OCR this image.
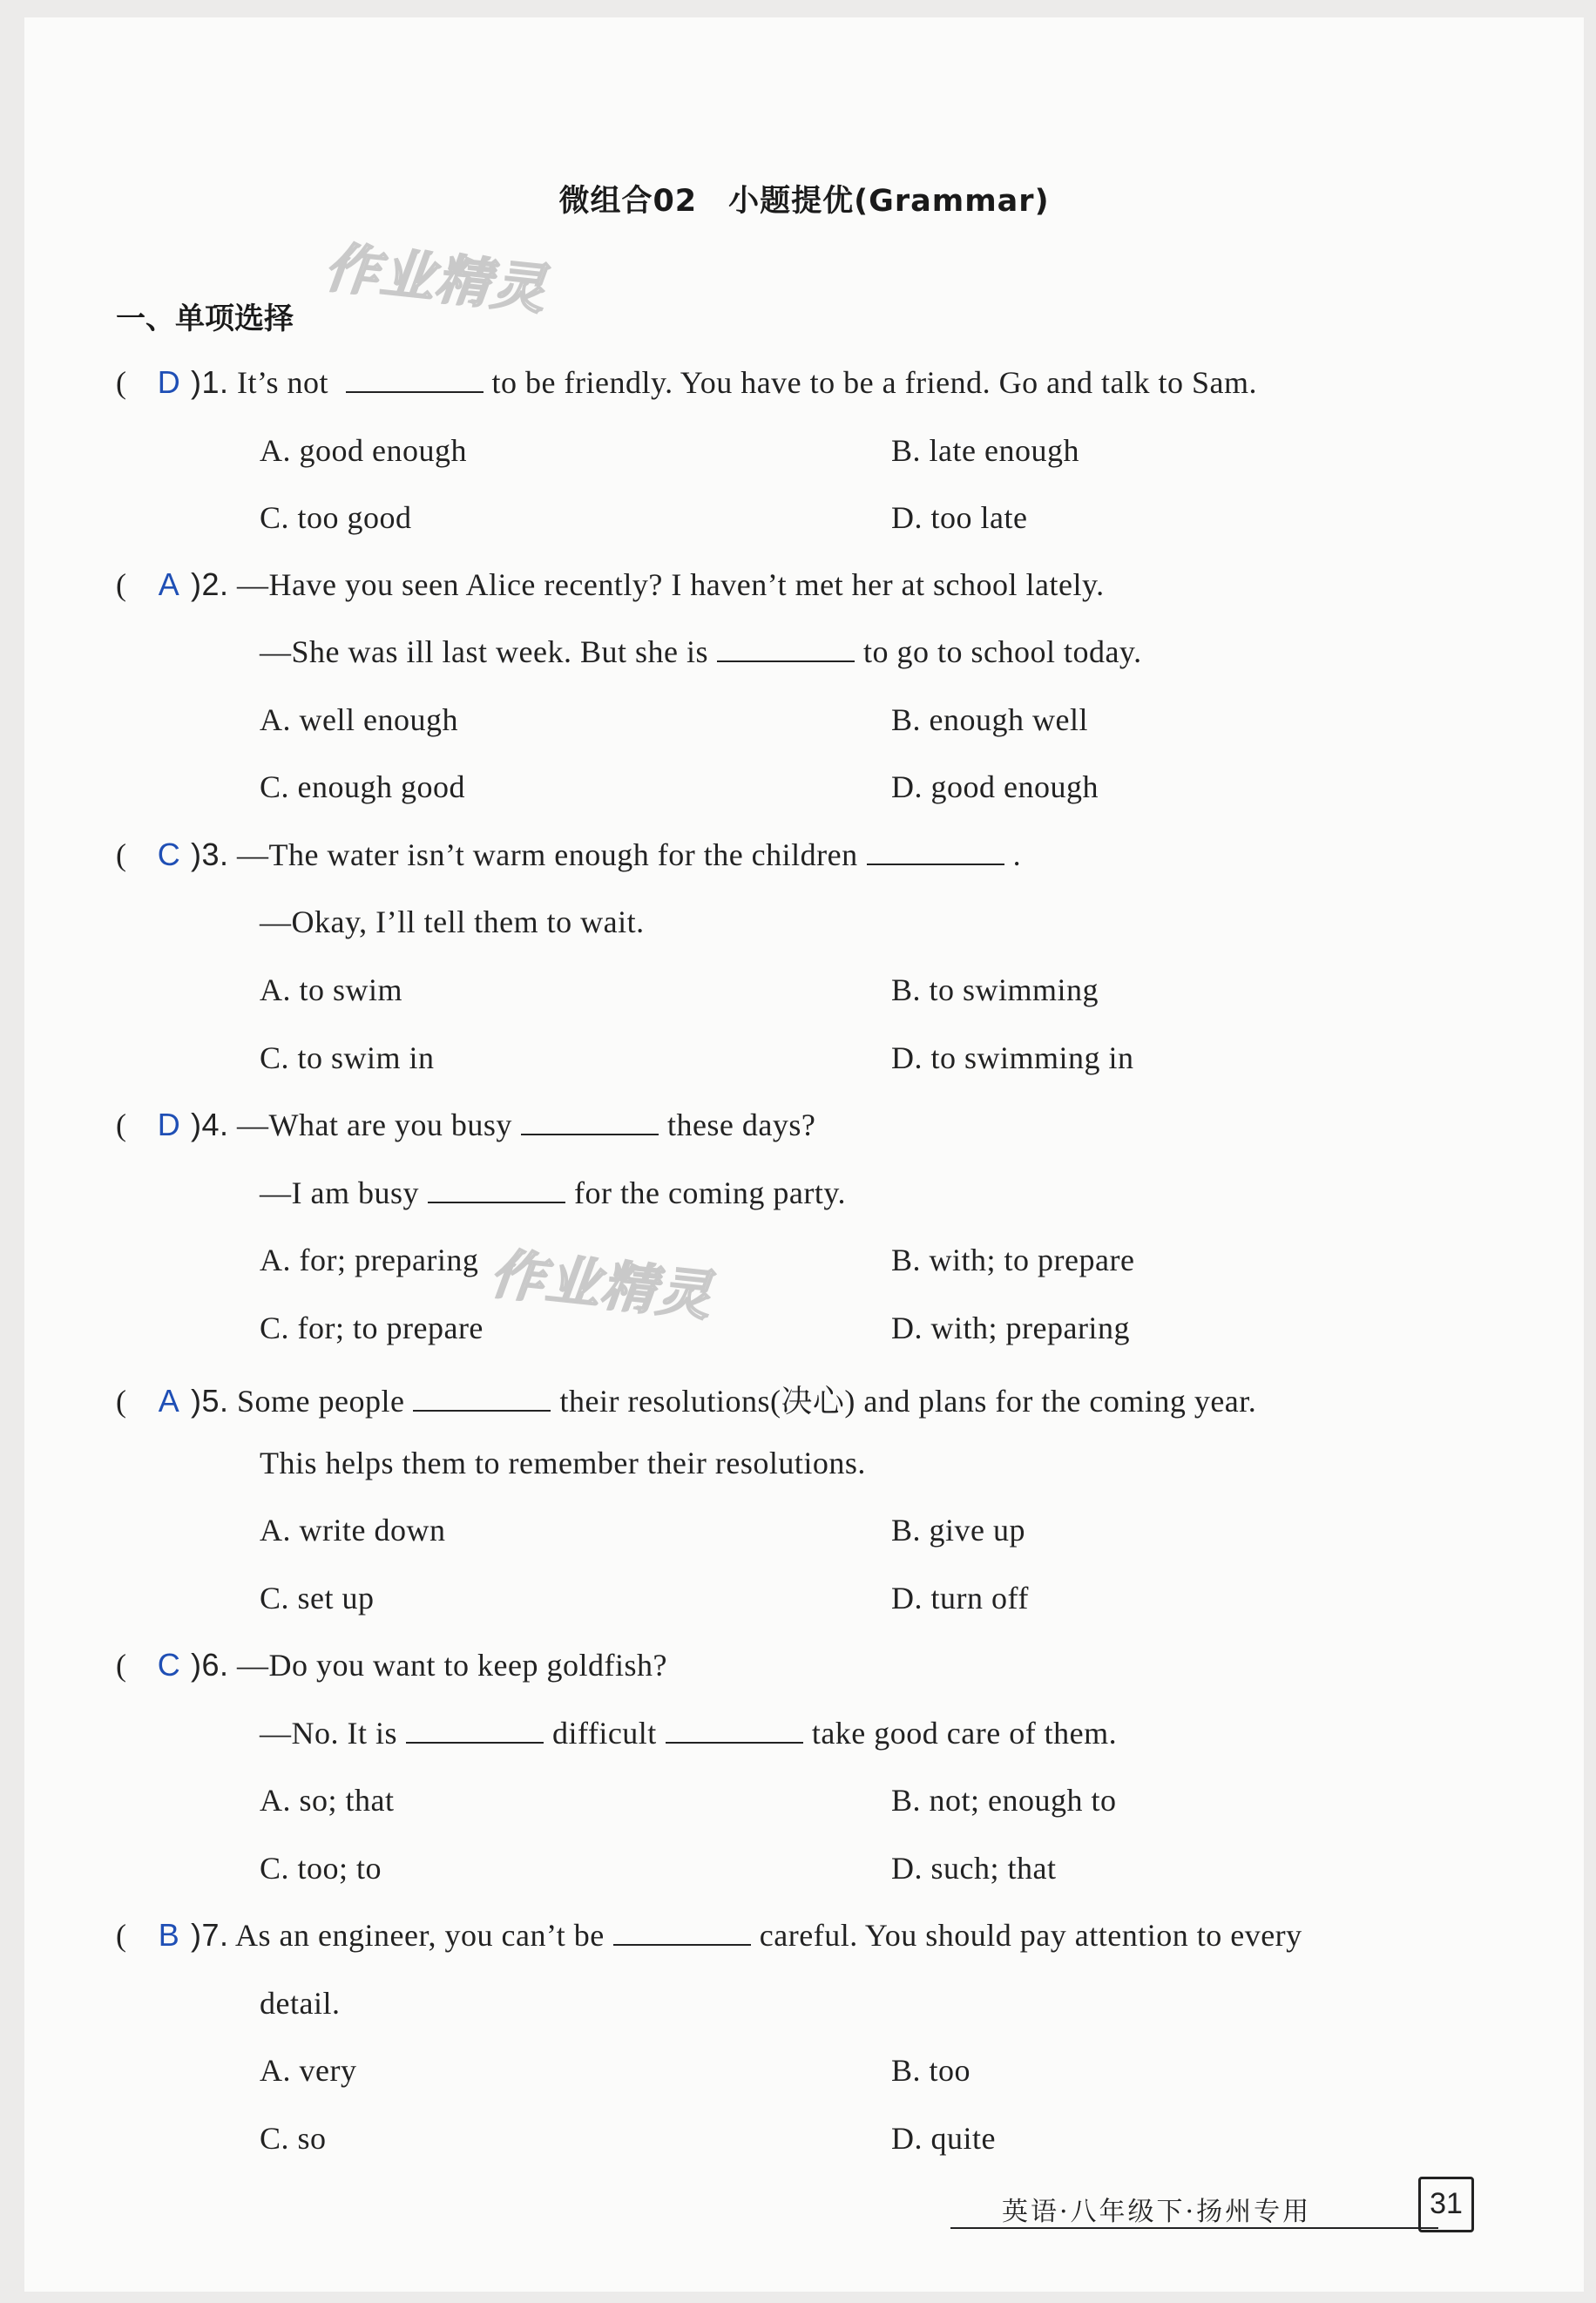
微组合02　小题提优(Grammar)
作业精灵
作业精灵
一、单项选择
( D )1. It’s not	to be friendly. You have to be a friend. Go and talk to Sam.
A. good enough	B. late enough
C. too good	D. too late
( A )2. —Have you seen Alice recently? I haven’t met her at school lately.
—She was ill last week. But she is	to go to school today.
A. well enough	B. enough well
C. enough good	D. good enough
( C )3. —The water isn’t warm enough for the children	.
—Okay, I’ll tell them to wait.
A. to swim	B. to swimming
C. to swim in	D. to swimming in
( D )4. —What are you busy	these days?
—I am busy	for the coming party.
A. for; preparing	B. with; to prepare
C. for; to prepare	D. with; preparing
( A )5. Some people	their resolutions(决心) and plans for the coming year.
This helps them to remember their resolutions.
A. write down	B. give up
C. set up	D. turn off
( C )6. —Do you want to keep goldfish?
—No. It is	difficult	take good care of them.
A. so; that	B. not; enough to
C. too; to	D. such; that
( B )7. As an engineer, you can’t be	careful. You should pay attention to every
detail.
A. very	B. too
C. so	D. quite
英语·八年级下·扬州专用	31
